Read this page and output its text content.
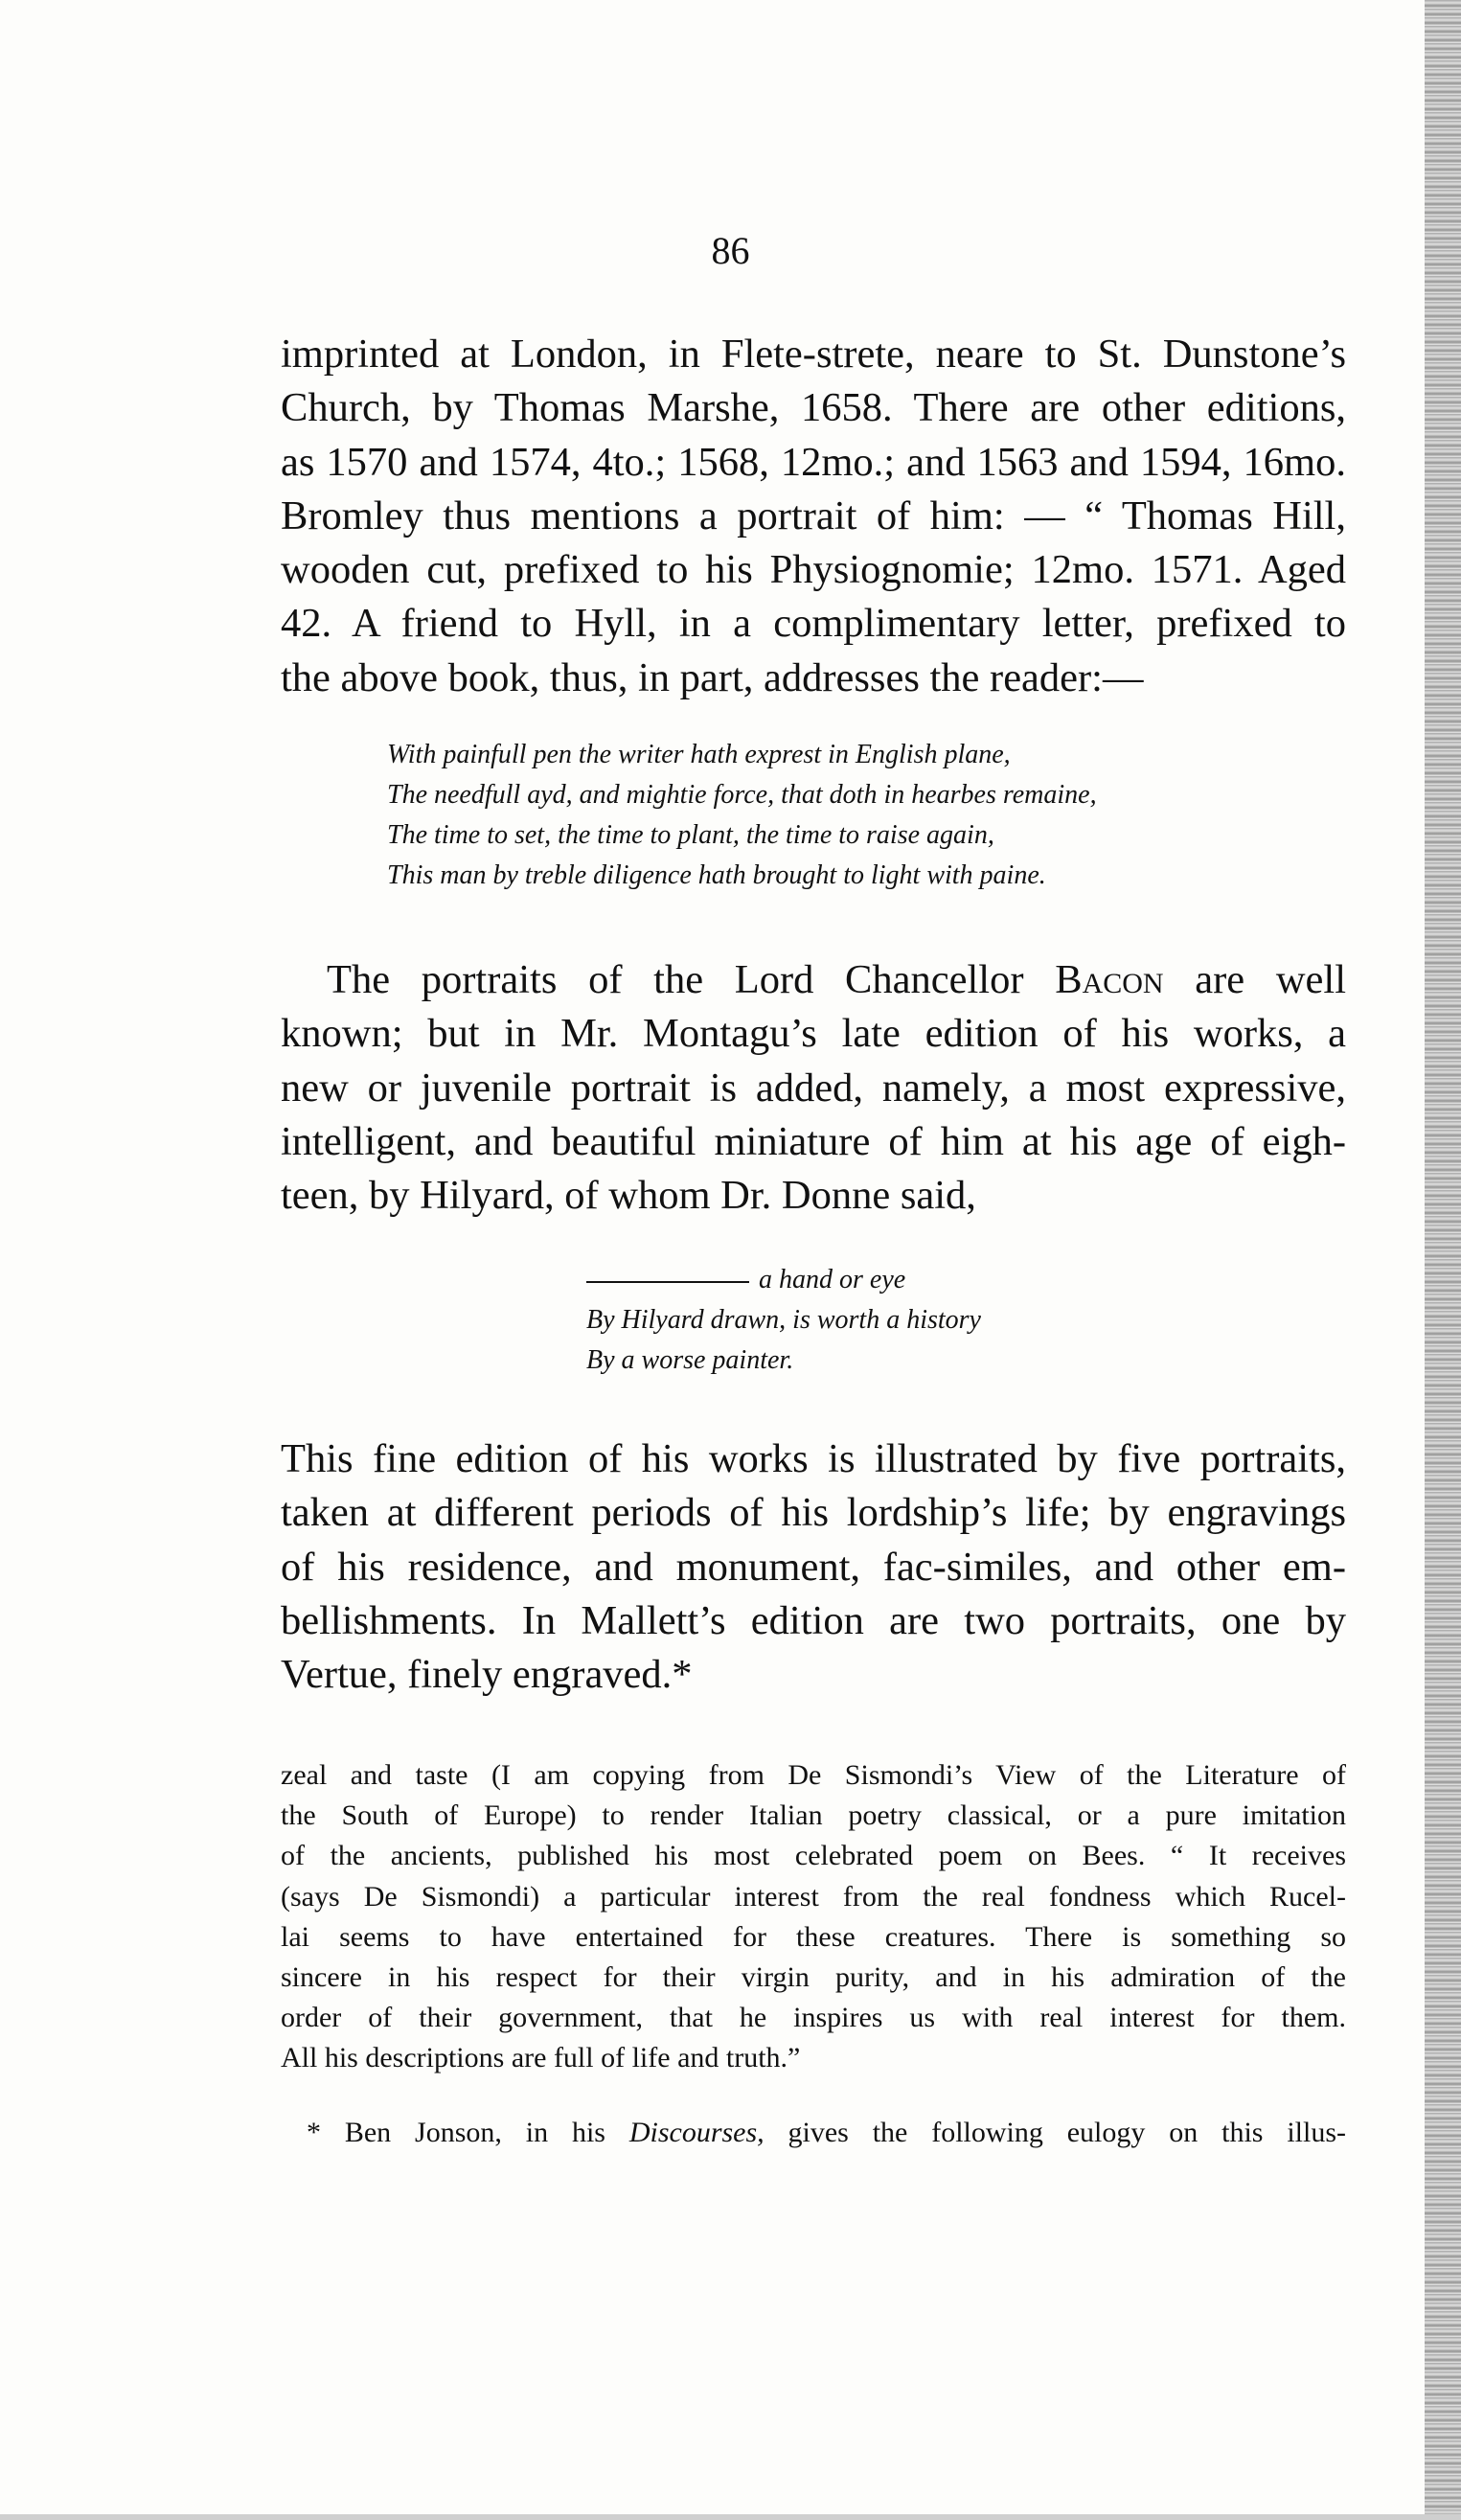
86
imprinted at London, in Flete-strete, neare to St. Dunstone’s
Church, by Thomas Marshe, 1658. There are other editions,
as 1570 and 1574, 4to.; 1568, 12mo.; and 1563 and 1594, 16mo.
Bromley thus mentions a portrait of him: — “ Thomas Hill,
wooden cut, prefixed to his Physiognomie; 12mo. 1571. Aged
42. A friend to Hyll, in a complimentary letter, prefixed to
the above book, thus, in part, addresses the reader:—
With painfull pen the writer hath exprest in English plane,
The needfull ayd, and mightie force, that doth in hearbes remaine,
The time to set, the time to plant, the time to raise again,
This man by treble diligence hath brought to light with paine.
The portraits of the Lord Chancellor Bacon are well
known; but in Mr. Montagu’s late edition of his works, a
new or juvenile portrait is added, namely, a most expressive,
intelligent, and beautiful miniature of him at his age of eigh-
teen, by Hilyard, of whom Dr. Donne said,
a hand or eye
By Hilyard drawn, is worth a history
By a worse painter.
This fine edition of his works is illustrated by five portraits,
taken at different periods of his lordship’s life; by engravings
of his residence, and monument, fac-similes, and other em-
bellishments. In Mallett’s edition are two portraits, one by
Vertue, finely engraved.*
zeal and taste (I am copying from De Sismondi’s View of the Literature of
the South of Europe) to render Italian poetry classical, or a pure imitation
of the ancients, published his most celebrated poem on Bees. “ It receives
(says De Sismondi) a particular interest from the real fondness which Rucel-
lai seems to have entertained for these creatures. There is something so
sincere in his respect for their virgin purity, and in his admiration of the
order of their government, that he inspires us with real interest for them.
All his descriptions are full of life and truth.”
* Ben Jonson, in his Discourses, gives the following eulogy on this illus-
